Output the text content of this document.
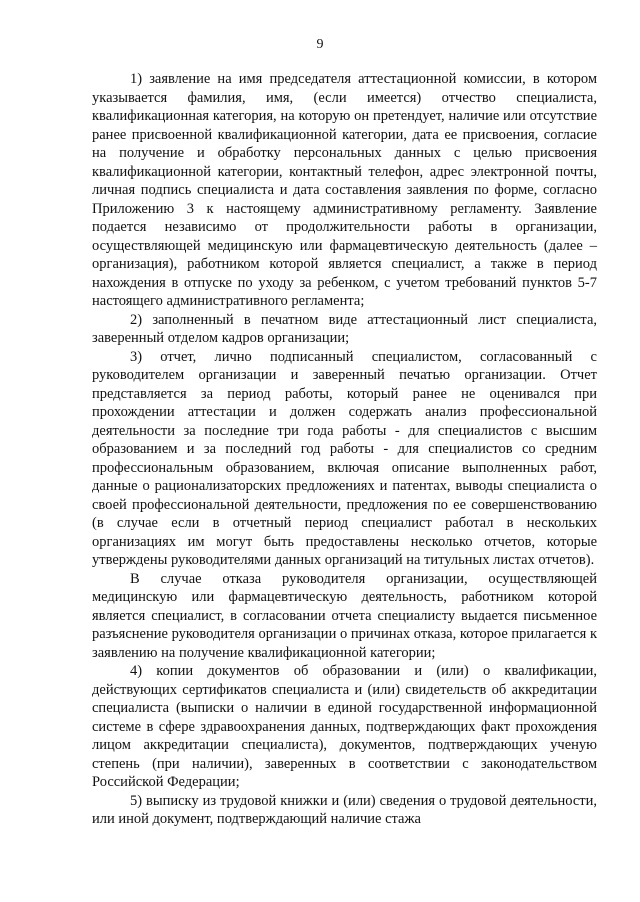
9

1) заявление на имя председателя аттестационной комиссии, в котором указывается фамилия, имя, (если имеется) отчество специалиста, квалификационная категория, на которую он претендует, наличие или отсутствие ранее присвоенной квалификационной категории, дата ее присвоения, согласие на получение и обработку персональных данных с целью присвоения квалификационной категории, контактный телефон, адрес электронной почты, личная подпись специалиста и дата составления заявления по форме, согласно Приложению 3 к настоящему административному регламенту. Заявление подается независимо от продолжительности работы в организации, осуществляющей медицинскую или фармацевтическую деятельность (далее – организация), работником которой является специалист, а также в период нахождения в отпуске по уходу за ребенком, с учетом требований пунктов 5-7 настоящего административного регламента;

2) заполненный в печатном виде аттестационный лист специалиста, заверенный отделом кадров организации;

3) отчет, лично подписанный специалистом, согласованный с руководителем организации и заверенный печатью организации. Отчет представляется за период работы, который ранее не оценивался при прохождении аттестации и должен содержать анализ профессиональной деятельности за последние три года работы - для специалистов с высшим образованием и за последний год работы - для специалистов со средним профессиональным образованием, включая описание выполненных работ, данные о рационализаторских предложениях и патентах, выводы специалиста о своей профессиональной деятельности, предложения по ее совершенствованию (в случае если в отчетный период специалист работал в нескольких организациях им могут быть предоставлены несколько отчетов, которые утверждены руководителями данных организаций на титульных листах отчетов).

В случае отказа руководителя организации, осуществляющей медицинскую или фармацевтическую деятельность, работником которой является специалист, в согласовании отчета специалисту выдается письменное разъяснение руководителя организации о причинах отказа, которое прилагается к заявлению на получение квалификационной категории;

4) копии документов об образовании и (или) о квалификации, действующих сертификатов специалиста и (или) свидетельств об аккредитации специалиста (выписки о наличии в единой государственной информационной системе в сфере здравоохранения данных, подтверждающих факт прохождения лицом аккредитации специалиста), документов, подтверждающих ученую степень (при наличии), заверенных в соответствии с законодательством Российской Федерации;

5) выписку из трудовой книжки и (или) сведения о трудовой деятельности, или иной документ, подтверждающий наличие стажа
